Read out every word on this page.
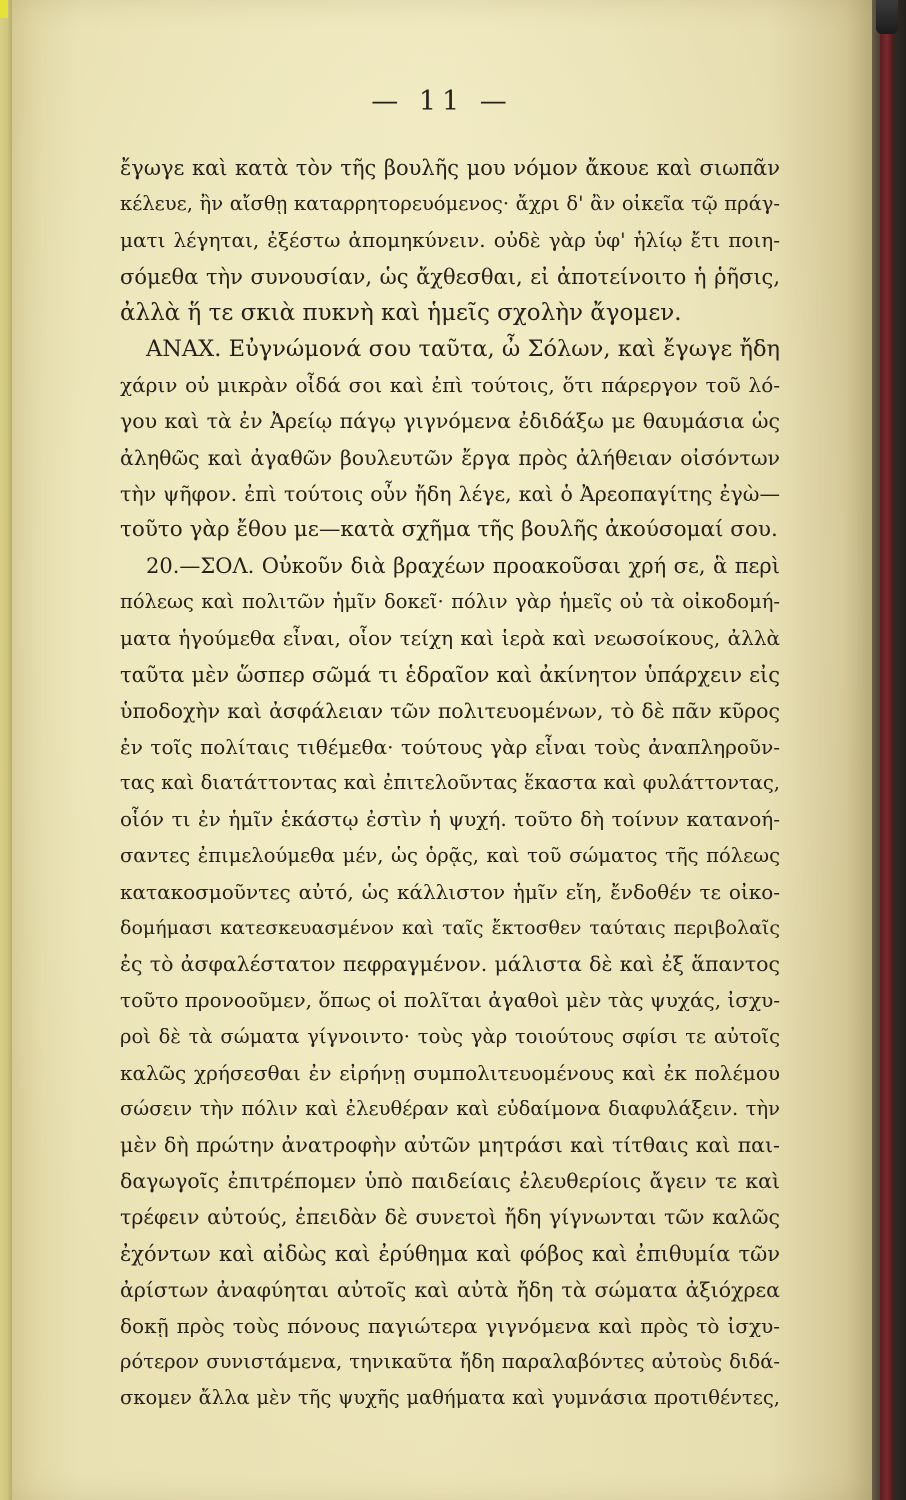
— 11 —
ἔγωγε καὶ κατὰ τὸν τῆς βουλῆς μου νόμον ἄκουε καὶ σιωπᾶν
κέλευε, ἢν αἴσθῃ καταρρητορευόμενος· ἄχρι δ' ἂν οἰκεῖα τῷ πράγ-
ματι λέγηται, ἐξέστω ἀπομηκύνειν. οὐδὲ γὰρ ὑφ' ἡλίῳ ἔτι ποιη-
σόμεθα τὴν συνουσίαν, ὡς ἄχθεσθαι, εἰ ἀποτείνοιτο ἡ ῥῆσις,
ἀλλὰ ἥ τε σκιὰ πυκνὴ καὶ ἡμεῖς σχολὴν ἄγομεν.
ΑΝΑΧ. Εὐγνώμονά σου ταῦτα, ὦ Σόλων, καὶ ἔγωγε ἤδη
χάριν οὐ μικρὰν οἶδά σοι καὶ ἐπὶ τούτοις, ὅτι πάρεργον τοῦ λό-
γου καὶ τὰ ἐν Ἀρείῳ πάγῳ γιγνόμενα ἐδιδάξω με θαυμάσια ὡς
ἀληθῶς καὶ ἀγαθῶν βουλευτῶν ἔργα πρὸς ἀλήθειαν οἰσόντων
τὴν ψῆφον. ἐπὶ τούτοις οὖν ἤδη λέγε, καὶ ὁ Ἀρεοπαγίτης ἐγὼ—
τοῦτο γὰρ ἔθου με—κατὰ σχῆμα τῆς βουλῆς ἀκούσομαί σου.
20.—ΣΟΛ. Οὐκοῦν διὰ βραχέων προακοῦσαι χρή σε, ἃ περὶ
πόλεως καὶ πολιτῶν ἡμῖν δοκεῖ· πόλιν γὰρ ἡμεῖς οὐ τὰ οἰκοδομή-
ματα ἡγούμεθα εἶναι, οἷον τείχη καὶ ἱερὰ καὶ νεωσοίκους, ἀλλὰ
ταῦτα μὲν ὥσπερ σῶμά τι ἑδραῖον καὶ ἀκίνητον ὑπάρχειν εἰς
ὑποδοχὴν καὶ ἀσφάλειαν τῶν πολιτευομένων, τὸ δὲ πᾶν κῦρος
ἐν τοῖς πολίταις τιθέμεθα· τούτους γὰρ εἶναι τοὺς ἀναπληροῦν-
τας καὶ διατάττοντας καὶ ἐπιτελοῦντας ἕκαστα καὶ φυλάττοντας,
οἷόν τι ἐν ἡμῖν ἑκάστῳ ἐστὶν ἡ ψυχή. τοῦτο δὴ τοίνυν κατανοή-
σαντες ἐπιμελούμεθα μέν, ὡς ὁρᾷς, καὶ τοῦ σώματος τῆς πόλεως
κατακοσμοῦντες αὐτό, ὡς κάλλιστον ἡμῖν εἴη, ἔνδοθέν τε οἰκο-
δομήμασι κατεσκευασμένον καὶ ταῖς ἔκτοσθεν ταύταις περιβολαῖς
ἐς τὸ ἀσφαλέστατον πεφραγμένον. μάλιστα δὲ καὶ ἐξ ἅπαντος
τοῦτο προνοοῦμεν, ὅπως οἱ πολῖται ἀγαθοὶ μὲν τὰς ψυχάς, ἰσχυ-
ροὶ δὲ τὰ σώματα γίγνοιντο· τοὺς γὰρ τοιούτους σφίσι τε αὐτοῖς
καλῶς χρήσεσθαι ἐν εἰρήνῃ συμπολιτευομένους καὶ ἐκ πολέμου
σώσειν τὴν πόλιν καὶ ἐλευθέραν καὶ εὐδαίμονα διαφυλάξειν. τὴν
μὲν δὴ πρώτην ἀνατροφὴν αὐτῶν μητράσι καὶ τίτθαις καὶ παι-
δαγωγοῖς ἐπιτρέπομεν ὑπὸ παιδείαις ἐλευθερίοις ἄγειν τε καὶ
τρέφειν αὐτούς, ἐπειδὰν δὲ συνετοὶ ἤδη γίγνωνται τῶν καλῶς
ἐχόντων καὶ αἰδὼς καὶ ἐρύθημα καὶ φόβος καὶ ἐπιθυμία τῶν
ἀρίστων ἀναφύηται αὐτοῖς καὶ αὐτὰ ἤδη τὰ σώματα ἀξιόχρεα
δοκῇ πρὸς τοὺς πόνους παγιώτερα γιγνόμενα καὶ πρὸς τὸ ἰσχυ-
ρότερον συνιστάμενα, τηνικαῦτα ἤδη παραλαβόντες αὐτοὺς διδά-
σκομεν ἄλλα μὲν τῆς ψυχῆς μαθήματα καὶ γυμνάσια προτιθέντες,
